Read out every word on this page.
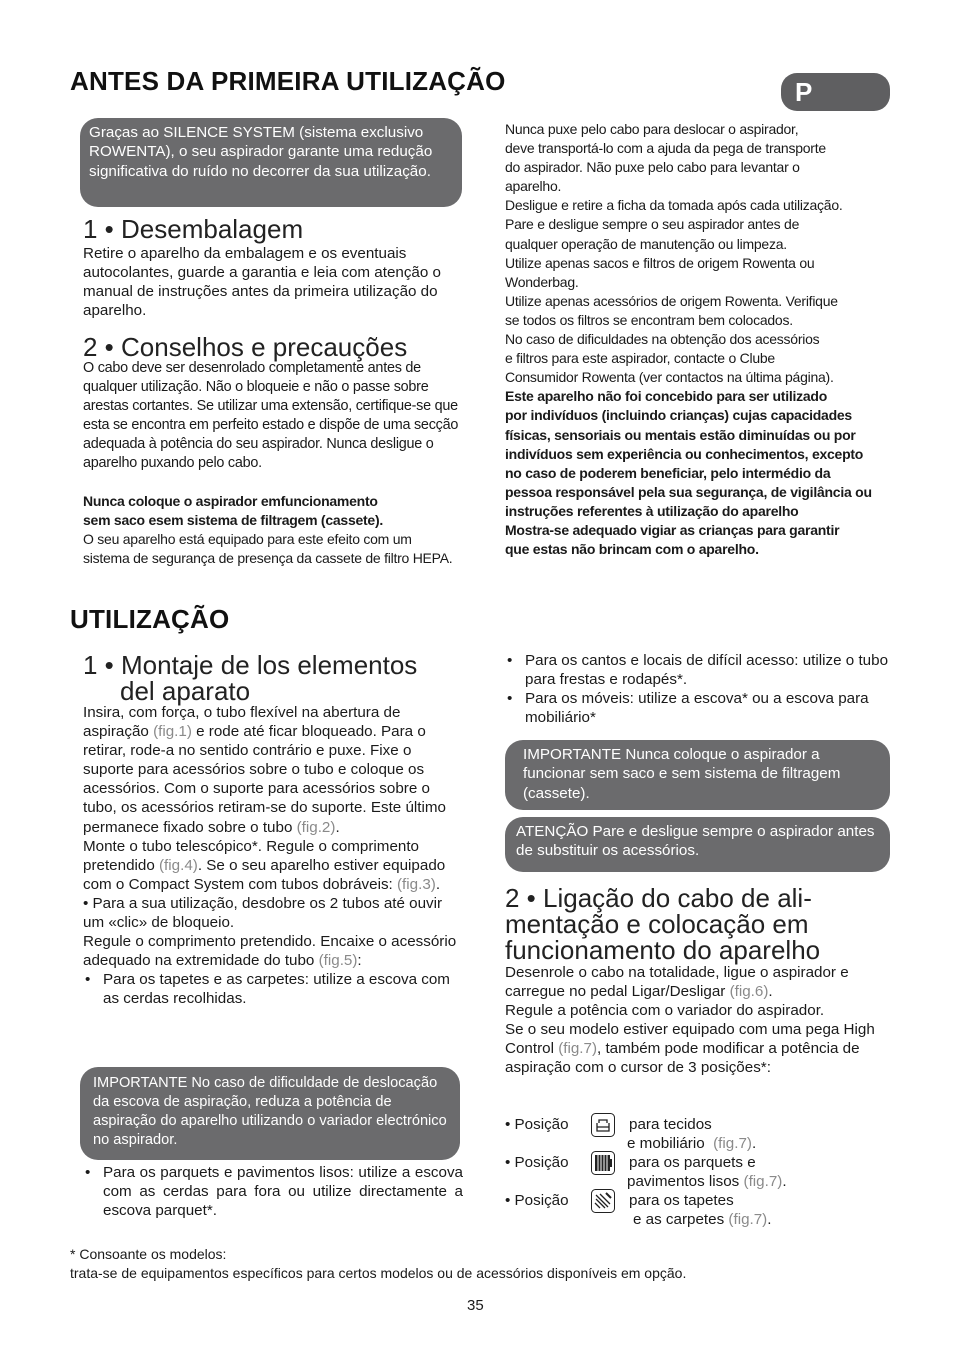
ANTES DA PRIMEIRA UTILIZAÇÃO	P
Graças ao SILENCE SYSTEM (sistema exclusivo ROWENTA), o seu aspirador garante uma redução significativa do ruído no decorrer da sua utilização.
1 • Desembalagem
Retire o aparelho da embalagem e os eventuais autocolantes, guarde a garantia e leia com atenção o manual de instruções antes da primeira utilização do aparelho.
2 • Conselhos e precauções
O cabo deve ser desenrolado completamente antes de qualquer utilização. Não o bloqueie e não o passe sobre arestas cortantes. Se utilizar uma extensão, certifique-se que esta se encontra em perfeito estado e dispõe de uma secção adequada à potência do seu aspirador. Nunca desligue o aparelho puxando pelo cabo.
Nunca coloque o aspirador emfuncionamento
sem saco esem sistema de filtragem (cassete).
O seu aparelho está equipado para este efeito com um
sistema de segurança de presença da cassete de filtro HEPA.

Nunca puxe pelo cabo para deslocar o aspirador,

deve transportá-lo com a ajuda da pega de transporte

do aspirador. Não puxe pelo cabo para levantar o

aparelho.

Desligue e retire a ficha da tomada após cada utilização.

Pare e desligue sempre o seu aspirador antes de

qualquer operação de manutenção ou limpeza.

Utilize apenas sacos e filtros de origem Rowenta ou

Wonderbag.

Utilize apenas acessórios de origem Rowenta. Verifique

se todos os filtros se encontram bem colocados.

No caso de dificuldades na obtenção dos acessórios

e filtros para este aspirador, contacte o Clube

Consumidor Rowenta (ver contactos na última página).

Este aparelho não foi concebido para ser utilizado

por indivíduos (incluindo crianças) cujas capacidades

físicas, sensoriais ou mentais estão diminuídas ou por

indivíduos sem experiência ou conhecimentos, excepto

no caso de poderem beneficiar, pelo intermédio da

pessoa responsável pela sua segurança, de vigilância ou

instruções referentes à utilização do aparelho

Mostra-se adequado vigiar as crianças para garantir

que estas não brincam com o aparelho.

UTILIZAÇÃO
1 • Montaje de los elementos
del aparato

Insira, com força, o tubo flexível na abertura de aspiração (fig.1) e rode até ficar bloqueado. Para o retirar, rode-a no sentido contrário e puxe. Fixe o suporte para acessórios sobre o tubo e coloque os acessórios. Com o suporte para acessórios sobre o tubo, os acessórios retiram-se do suporte. Este último permanece fixado sobre o tubo (fig.2).

Monte o tubo telescópico*. Regule o comprimento pretendido (fig.4). Se o seu aparelho estiver equipado com o Compact System com tubos dobráveis: (fig.3).

• Para a sua utilização, desdobre os 2 tubos até ouvir um «clic» de bloqueio.

Regule o comprimento pretendido. Encaixe o acessório adequado na extremidade do tubo (fig.5):

• Para os tapetes e as carpetes: utilize a escova com as cerdas recolhidas.

IMPORTANTE No caso de dificuldade de deslocação da escova de aspiração, reduza a potência de aspiração do aparelho utilizando o variador electrónico no aspirador.

• Para os parquets e pavimentos lisos: utilize a escova com as cerdas para fora ou utilize directamente a escova parquet*.

• Para os cantos e locais de difícil acesso: utilize o tubo para frestas e rodapés*.

• Para os móveis: utilize a escova* ou a escova para mobiliário*

IMPORTANTE Nunca coloque o aspirador a funcionar sem saco e sem sistema de filtragem (cassete).
ATENÇÃO Pare e desligue sempre o aspirador antes de substituir os acessórios.
2 • Ligação do cabo de ali-
mentação e colocação em
funcionamento do aparelho

Desenrole o cabo na totalidade, ligue o aspirador e carregue no pedal Ligar/Desligar (fig.6).

Regule a potência com o variador do aspirador.

Se o seu modelo estiver equipado com uma pega High Control (fig.7), também pode modificar a potência de aspiração com o cursor de 3 posições*:

• Posição	para tecidos
e mobiliário (fig.7).
• Posição	para os parquets e
pavimentos lisos (fig.7).
• Posição	para os tapetes
e as carpetes (fig.7).
* Consoante os modelos:
trata-se de equipamentos específicos para certos modelos ou de acessórios disponíveis em opção.
35
